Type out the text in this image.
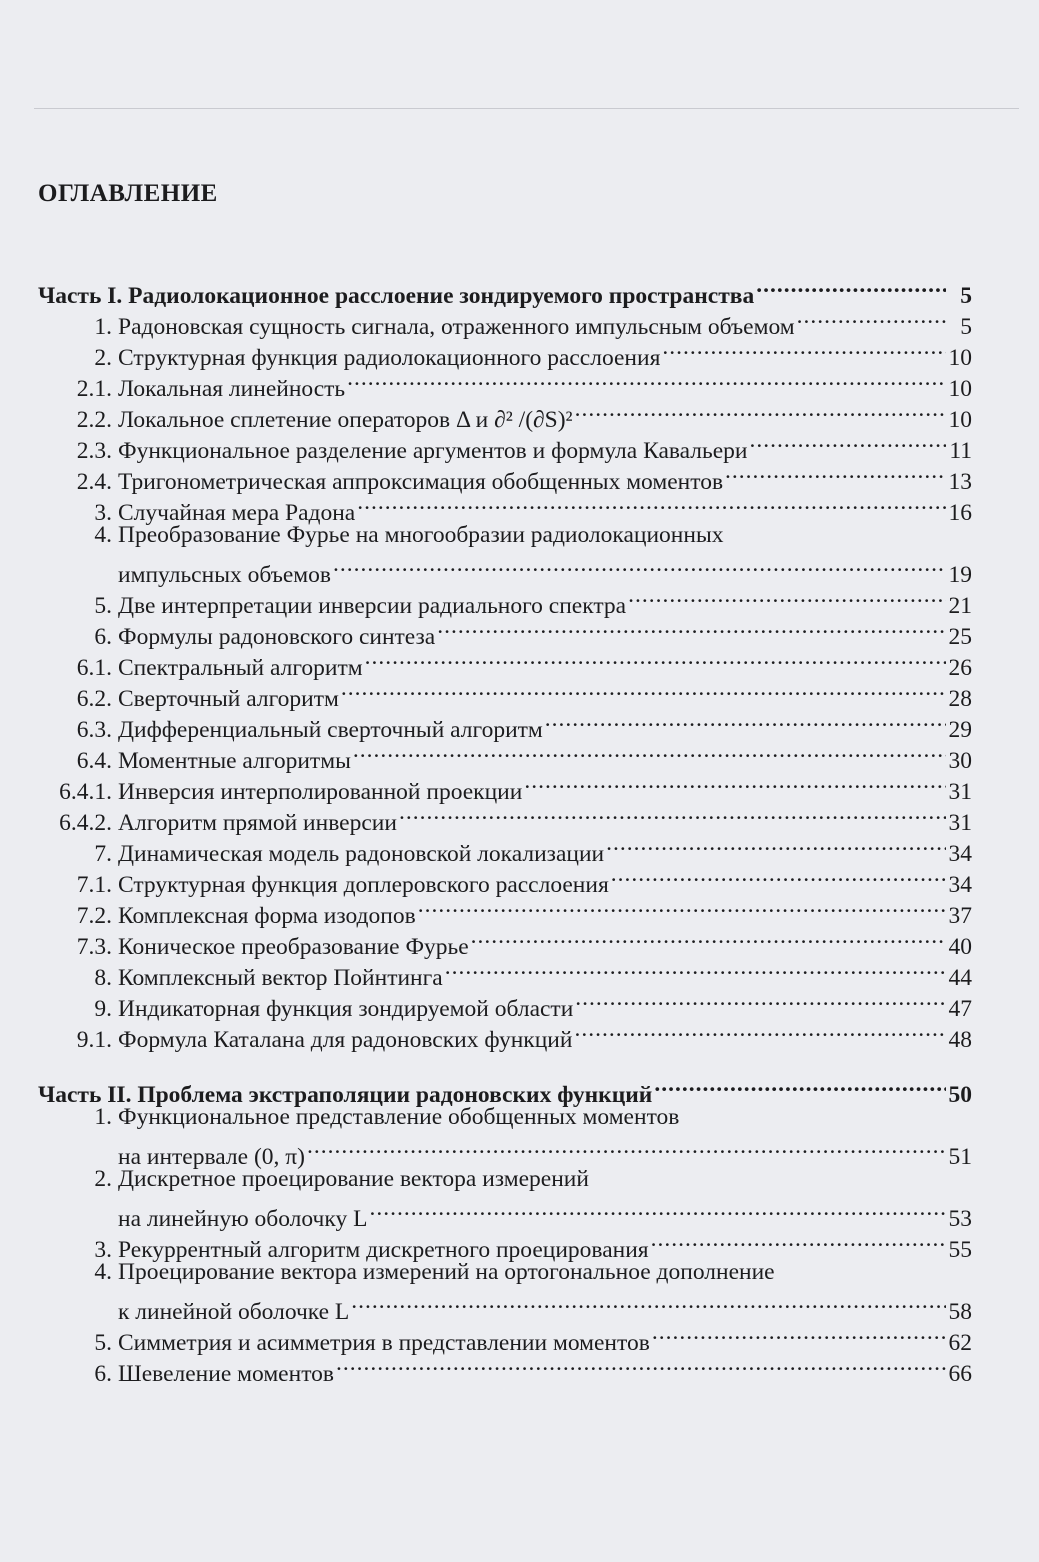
ОГЛАВЛЕНИЕ
Часть I. Радиолокационное расслоение зондируемого пространства .....	5
1. Радоновская сущность сигнала, отраженного импульсным объемом .....	5
2. Структурная функция радиолокационного расслоения .....	10
2.1. Локальная линейность .....	10
2.2. Локальное сплетение операторов Δ и ∂² /(∂S)² .....	10
2.3. Функциональное разделение аргументов и формула Кавальери .....	11
2.4. Тригонометрическая аппроксимация обобщенных моментов .....	13
3. Случайная мера Радона .....	16
4. Преобразование Фурье на многообразии радиолокационных
импульсных объемов .....	19
5. Две интерпретации инверсии радиального спектра .....	21
6. Формулы радоновского синтеза .....	25
6.1. Спектральный алгоритм .....	26
6.2. Сверточный алгоритм .....	28
6.3. Дифференциальный сверточный алгоритм .....	29
6.4. Моментные алгоритмы .....	30
6.4.1. Инверсия интерполированной проекции .....	31
6.4.2. Алгоритм прямой инверсии .....	31
7. Динамическая модель радоновской локализации .....	34
7.1. Структурная функция доплеровского расслоения .....	34
7.2. Комплексная форма изодопов .....	37
7.3. Коническое преобразование Фурье .....	40
8. Комплексный вектор Пойнтинга .....	44
9. Индикаторная функция зондируемой области .....	47
9.1. Формула Каталана для радоновских функций .....	48
Часть II. Проблема экстраполяции радоновских функций .....	50
1. Функциональное представление обобщенных моментов
на интервале (0, π) .....	51
2. Дискретное проецирование вектора измерений
на линейную оболочку L .....	53
3. Рекуррентный алгоритм дискретного проецирования .....	55
4. Проецирование вектора измерений на ортогональное дополнение
к линейной оболочке L .....	58
5. Симметрия и асимметрия в представлении моментов .....	62
6. Шевеление моментов .....	66
